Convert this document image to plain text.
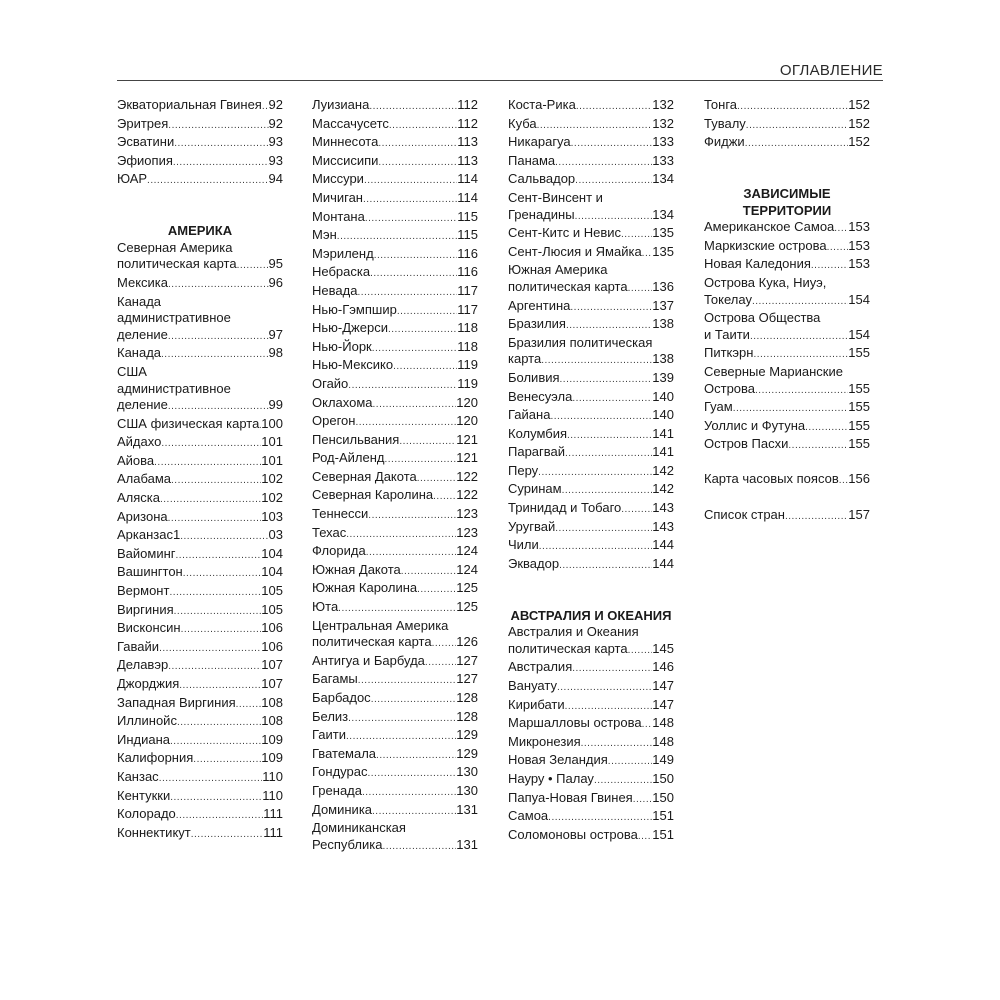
ОГЛАВЛЕНИЕ
Экваториальная Гвинея ..... 92
Эритрея .....	92
Эсватини .....	93
Эфиопия .....	93
ЮАР .....	94
АМЕРИКА
Северная Америка
политическая карта ..... 95
Мексика .....	96
Канада
административное
деление .....	97
Канада .....	98
США
административное
деление .....	99
США физическая карта ..... 100
Айдахо .....	101
Айова .....	101
Алабама .....	102
Аляска .....	102
Аризона .....	103
Арканзас1 .....	03
Вайоминг .....	104
Вашингтон .....	104
Вермонт .....	105
Виргиния .....	105
Висконсин .....	106
Гавайи .....	106
Делавэр .....	107
Джорджия .....	107
Западная Виргиния ..... 108
Иллинойс .....	108
Индиана .....	109
Калифорния .....	109
Канзас .....	110
Кентукки .....	110
Колорадо .....	111
Коннектикут .....	111
Луизиана .....	112
Массачусетс .....	112
Миннесота .....	113
Миссисипи .....	113
Миссури .....	114
Мичиган .....	114
Монтана .....	115
Мэн .....	115
Мэриленд .....	116
Небраска .....	116
Невада .....	117
Нью-Гэмпшир .....	117
Нью-Джерси .....	118
Нью-Йорк .....	118
Нью-Мексико .....	119
Огайо .....	119
Оклахома .....	120
Орегон .....	120
Пенсильвания .....	121
Род-Айленд .....	121
Северная Дакота .....	122
Северная Каролина ..... 122
Теннесси .....	123
Техас .....	123
Флорида .....	124
Южная Дакота .....	124
Южная Каролина .....	125
Юта .....	125
Центральная Америка
политическая карта ..... 126
Антигуа и Барбуда ..... 127
Багамы .....	127
Барбадос .....	128
Белиз .....	128
Гаити .....	129
Гватемала .....	129
Гондурас .....	130
Гренада .....	130
Доминика .....	131
Доминиканская
Республика .....	131
Коста-Рика .....	132
Куба .....	132
Никарагуа .....	133
Панама .....	133
Сальвадор .....	134
Сент-Винсент и
Гренадины .....	134
Сент-Китс и Невис ..... 135
Сент-Люсия и Ямайка ..... 135
Южная Америка
политическая карта ..... 136
Аргентина .....	137
Бразилия .....	138
Бразилия политическая
карта .....	138
Боливия .....	139
Венесуэла .....	140
Гайана .....	140
Колумбия .....	141
Парагвай .....	141
Перу .....	142
Суринам .....	142
Тринидад и Тобаго ..... 143
Уругвай .....	143
Чили .....	144
Эквадор .....	144
АВСТРАЛИЯ И ОКЕАНИЯ
Австралия и Океания
политическая карта ..... 145
Австралия .....	146
Вануату .....	147
Кирибати .....	147
Маршалловы острова ..... 148
Микронезия .....	148
Новая Зеландия .....	149
Науру • Палау .....	150
Папуа-Новая Гвинея ..... 150
Самоа .....	151
Соломоновы острова ..... 151
Тонга .....	152
Тувалу .....	152
Фиджи .....	152
ЗАВИСИМЫЕ ТЕРРИТОРИИ
Американское Самоа ..... 153
Маркизские острова ..... 153
Новая Каледония .....	153
Острова Кука, Ниуэ,
Токелау .....	154
Острова Общества
и Таити .....	154
Питкэрн .....	155
Северные Марианские
Острова .....	155
Гуам .....	155
Уоллис и Футуна .....	155
Остров Пасхи .....	155
Карта часовых поясов ..... 156
Список стран .....	157
